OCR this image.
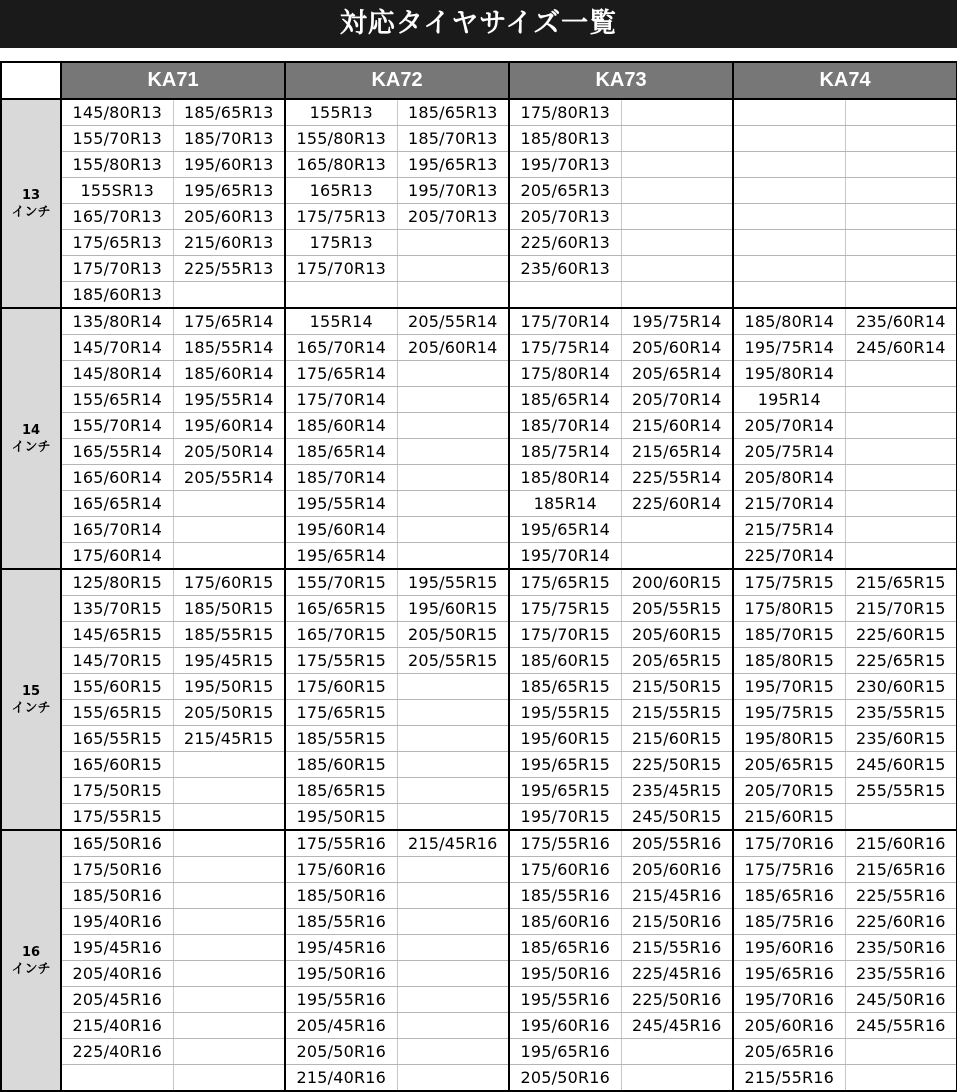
対応タイヤサイズ一覧
	KA71		KA72		KA73		KA74	

13
インチ	145/80R13	185/65R13	155R13	185/65R13	175/80R13			
	155/70R13	185/70R13	155/80R13	185/70R13	185/80R13			
	155/80R13	195/60R13	165/80R13	195/65R13	195/70R13			
	155SR13	195/65R13	165R13	195/70R13	205/65R13			
	165/70R13	205/60R13	175/75R13	205/70R13	205/70R13			
	175/65R13	215/60R13	175R13		225/60R13			
	175/70R13	225/55R13	175/70R13		235/60R13			
	185/60R13							

14
インチ	135/80R14	175/65R14	155R14	205/55R14	175/70R14	195/75R14	185/80R14	235/60R14
	145/70R14	185/55R14	165/70R14	205/60R14	175/75R14	205/60R14	195/75R14	245/60R14
	145/80R14	185/60R14	175/65R14		175/80R14	205/65R14	195/80R14	
	155/65R14	195/55R14	175/70R14		185/65R14	205/70R14	195R14	
	155/70R14	195/60R14	185/60R14		185/70R14	215/60R14	205/70R14	
	165/55R14	205/50R14	185/65R14		185/75R14	215/65R14	205/75R14	
	165/60R14	205/55R14	185/70R14		185/80R14	225/55R14	205/80R14	
	165/65R14		195/55R14		185R14	225/60R14	215/70R14	
	165/70R14		195/60R14		195/65R14		215/75R14	
	175/60R14		195/65R14		195/70R14		225/70R14	

15
インチ	125/80R15	175/60R15	155/70R15	195/55R15	175/65R15	200/60R15	175/75R15	215/65R15
	135/70R15	185/50R15	165/65R15	195/60R15	175/75R15	205/55R15	175/80R15	215/70R15
	145/65R15	185/55R15	165/70R15	205/50R15	175/70R15	205/60R15	185/70R15	225/60R15
	145/70R15	195/45R15	175/55R15	205/55R15	185/60R15	205/65R15	185/80R15	225/65R15
	155/60R15	195/50R15	175/60R15		185/65R15	215/50R15	195/70R15	230/60R15
	155/65R15	205/50R15	175/65R15		195/55R15	215/55R15	195/75R15	235/55R15
	165/55R15	215/45R15	185/55R15		195/60R15	215/60R15	195/80R15	235/60R15
	165/60R15		185/60R15		195/65R15	225/50R15	205/65R15	245/60R15
	175/50R15		185/65R15		195/65R15	235/45R15	205/70R15	255/55R15
	175/55R15		195/50R15		195/70R15	245/50R15	215/60R15	

16
インチ	165/50R16		175/55R16	215/45R16	175/55R16	205/55R16	175/70R16	215/60R16
	175/50R16		175/60R16		175/60R16	205/60R16	175/75R16	215/65R16
	185/50R16		185/50R16		185/55R16	215/45R16	185/65R16	225/55R16
	195/40R16		185/55R16		185/60R16	215/50R16	185/75R16	225/60R16
	195/45R16		195/45R16		185/65R16	215/55R16	195/60R16	235/50R16
	205/40R16		195/50R16		195/50R16	225/45R16	195/65R16	235/55R16
	205/45R16		195/55R16		195/55R16	225/50R16	195/70R16	245/50R16
	215/40R16		205/45R16		195/60R16	245/45R16	205/60R16	245/55R16
	225/40R16		205/50R16		195/65R16		205/65R16	
			215/40R16		205/50R16		215/55R16	
